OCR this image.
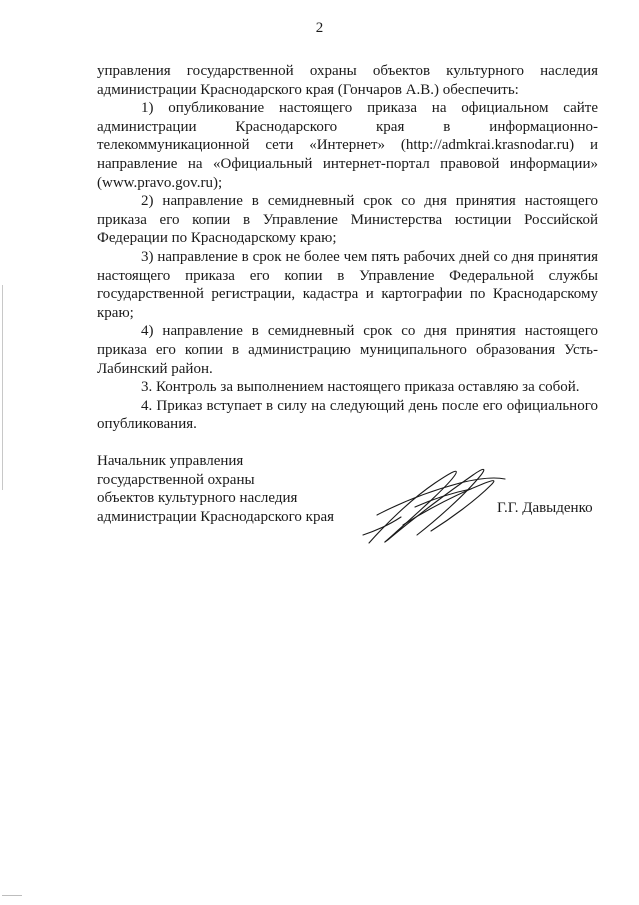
2

управления государственной охраны объектов культурного наследия администрации Краснодарского края (Гончаров А.В.) обеспечить:

1) опубликование настоящего приказа на официальном сайте администрации Краснодарского края в информационно-телекоммуникационной сети «Интернет» (http://admkrai.krasnodar.ru) и направление на «Официальный интернет-портал правовой информации» (www.pravo.gov.ru);

2) направление в семидневный срок со дня принятия настоящего приказа его копии в Управление Министерства юстиции Российской Федерации по Краснодарскому краю;

3) направление в срок не более чем пять рабочих дней со дня принятия настоящего приказа его копии в Управление Федеральной службы государственной регистрации, кадастра и картографии по Краснодарскому краю;

4) направление в семидневный срок со дня принятия настоящего приказа его копии в администрацию муниципального образования Усть-Лабинский район.

3. Контроль за выполнением настоящего приказа оставляю за собой.

4. Приказ вступает в силу на следующий день после его официального опубликования.

Начальник управления
государственной охраны
объектов культурного наследия
администрации Краснодарского края
Г.Г. Давыденко
